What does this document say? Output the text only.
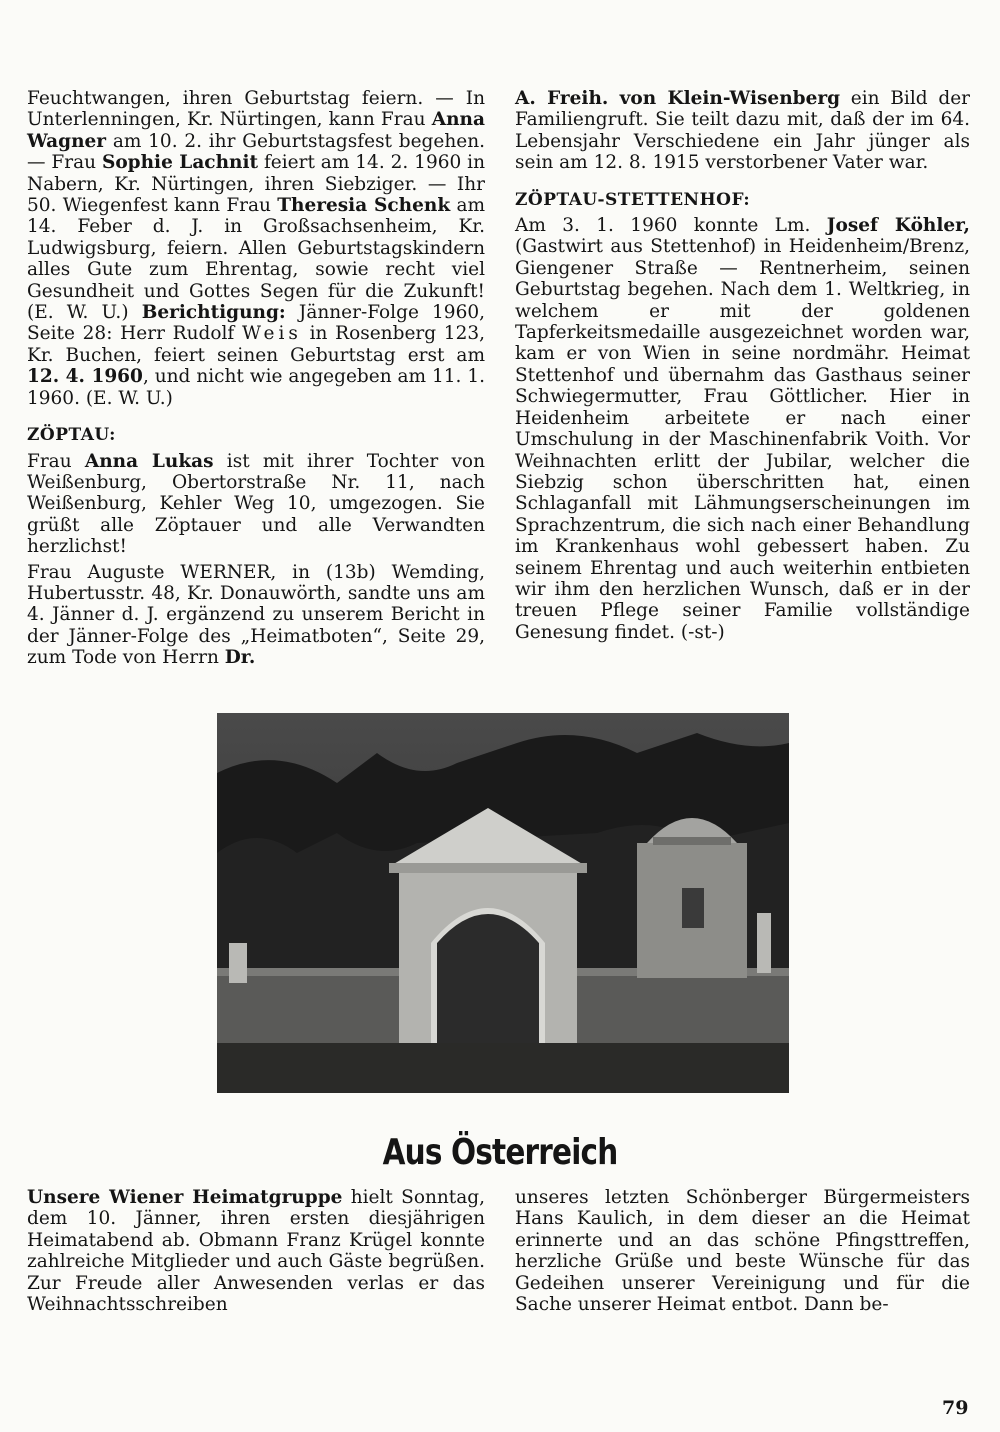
Feuchtwangen, ihren Geburtstag feiern. — In Unterlenningen, Kr. Nürtingen, kann Frau Anna Wagner am 10. 2. ihr Geburtstagsfest begehen. — Frau Sophie Lachnit feiert am 14. 2. 1960 in Nabern, Kr. Nürtingen, ihren Siebziger. — Ihr 50. Wiegenfest kann Frau Theresia Schenk am 14. Feber d. J. in Großsachsenheim, Kr. Ludwigsburg, feiern. Allen Geburtstagskindern alles Gute zum Ehrentag, sowie recht viel Gesundheit und Gottes Segen für die Zukunft! (E. W. U.) Berichtigung: Jänner-Folge 1960, Seite 28: Herr Rudolf Weis in Rosenberg 123, Kr. Buchen, feiert seinen Geburtstag erst am 12. 4. 1960, und nicht wie angegeben am 11. 1. 1960. (E. W. U.)

ZÖPTAU:

Frau Anna Lukas ist mit ihrer Tochter von Weißenburg, Obertorstraße Nr. 11, nach Weißenburg, Kehler Weg 10, umgezogen. Sie grüßt alle Zöptauer und alle Verwandten herzlichst!

Frau Auguste WERNER, in (13b) Wemding, Hubertusstr. 48, Kr. Donauwörth, sandte uns am 4. Jänner d. J. ergänzend zu unserem Bericht in der Jänner-Folge des „Heimatboten“, Seite 29, zum Tode von Herrn Dr.

A. Freih. von Klein-Wisenberg ein Bild der Familiengruft. Sie teilt dazu mit, daß der im 64. Lebensjahr Verschiedene ein Jahr jünger als sein am 12. 8. 1915 verstorbener Vater war.

ZÖPTAU-STETTENHOF:

Am 3. 1. 1960 konnte Lm. Josef Köhler, (Gastwirt aus Stettenhof) in Heidenheim/Brenz, Giengener Straße — Rentnerheim, seinen Geburtstag begehen. Nach dem 1. Weltkrieg, in welchem er mit der goldenen Tapferkeitsmedaille ausgezeichnet worden war, kam er von Wien in seine nordmähr. Heimat Stettenhof und übernahm das Gasthaus seiner Schwiegermutter, Frau Göttlicher. Hier in Heidenheim arbeitete er nach einer Umschulung in der Maschinenfabrik Voith. Vor Weihnachten erlitt der Jubilar, welcher die Siebzig schon überschritten hat, einen Schlaganfall mit Lähmungserscheinungen im Sprachzentrum, die sich nach einer Behandlung im Krankenhaus wohl gebessert haben. Zu seinem Ehrentag und auch weiterhin entbieten wir ihm den herzlichen Wunsch, daß er in der treuen Pflege seiner Familie vollständige Genesung findet. (-st-)

Aus Österreich

Unsere Wiener Heimatgruppe hielt Sonntag, dem 10. Jänner, ihren ersten diesjährigen Heimatabend ab. Obmann Franz Krügel konnte zahlreiche Mitglieder und auch Gäste begrüßen. Zur Freude aller Anwesenden verlas er das Weihnachtsschreiben

unseres letzten Schönberger Bürgermeisters Hans Kaulich, in dem dieser an die Heimat erinnerte und an das schöne Pfingsttreffen, herzliche Grüße und beste Wünsche für das Gedeihen unserer Vereinigung und für die Sache unserer Heimat entbot. Dann be-

79
